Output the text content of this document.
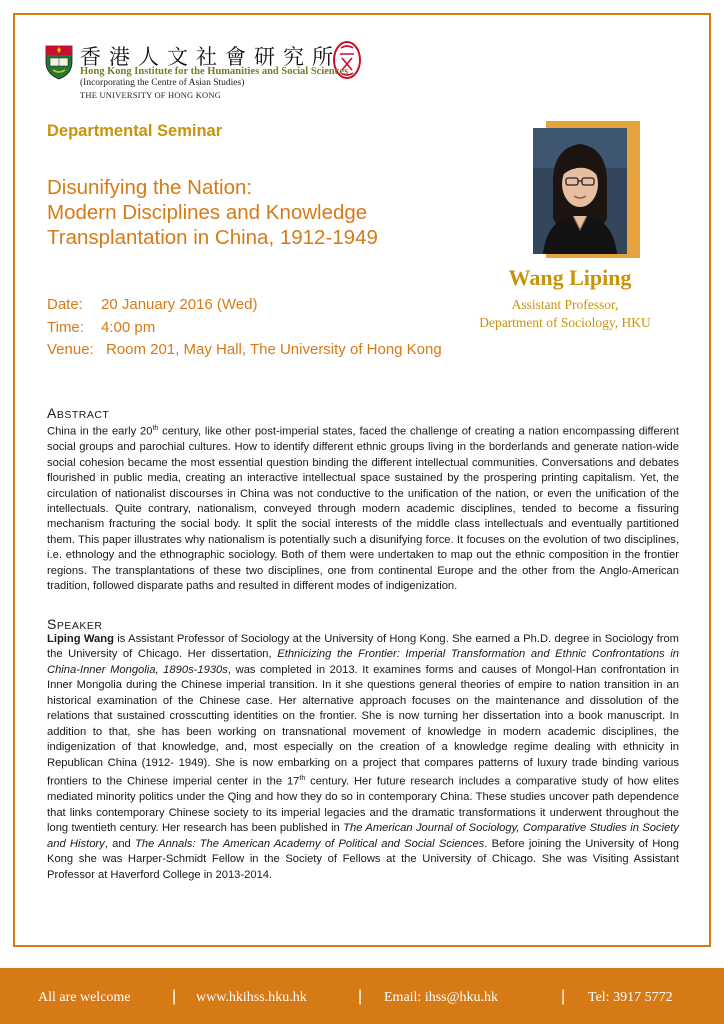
香港人文社會研究所
Hong Kong Institute for the Humanities and Social Sciences
(Incorporating the Centre of Asian Studies)
THE UNIVERSITY OF HONG KONG
Departmental Seminar
Disunifying the Nation:
Modern Disciplines and Knowledge
Transplantation in China, 1912-1949
Date:	20 January 2016 (Wed)
Time:	4:00 pm
Venue: Room 201, May Hall, The University of Hong Kong
Wang Liping
Assistant Professor,
Department of Sociology, HKU
ABSTRACT
China in the early 20th century, like other post-imperial states, faced the challenge of creating a nation encompassing different social groups and parochial cultures. How to identify different ethnic groups living in the borderlands and generate nation-wide social cohesion became the most essential question binding the different intellectual communities. Conversations and debates flourished in public media, creating an interactive intellectual space sustained by the prospering printing capitalism. Yet, the circulation of nationalist discourses in China was not conductive to the unification of the nation, or even the unification of the intellectuals. Quite contrary, nationalism, conveyed through modern academic disciplines, tended to become a fissuring mechanism fracturing the social body. It split the social interests of the middle class intellectuals and eventually partitioned them. This paper illustrates why nationalism is potentially such a disunifying force. It focuses on the evolution of two disciplines, i.e. ethnology and the ethnographic sociology. Both of them were undertaken to map out the ethnic composition in the frontier regions. The transplantations of these two disciplines, one from continental Europe and the other from the Anglo-American tradition, followed disparate paths and resulted in different modes of indigenization.
SPEAKER
Liping Wang is Assistant Professor of Sociology at the University of Hong Kong. She earned a Ph.D. degree in Sociology from the University of Chicago. Her dissertation, Ethnicizing the Frontier: Imperial Transformation and Ethnic Confrontations in China-Inner Mongolia, 1890s-1930s, was completed in 2013. It examines forms and causes of Mongol-Han confrontation in Inner Mongolia during the Chinese imperial transition. In it she questions general theories of empire to nation transition in an historical examination of the Chinese case. Her alternative approach focuses on the maintenance and dissolution of the relations that sustained crosscutting identities on the frontier. She is now turning her dissertation into a book manuscript. In addition to that, she has been working on transnational movement of knowledge in modern academic disciplines, the indigenization of that knowledge, and, most especially on the creation of a knowledge regime dealing with ethnicity in Republican China (1912- 1949). She is now embarking on a project that compares patterns of luxury trade binding various frontiers to the Chinese imperial center in the 17th century. Her future research includes a comparative study of how elites mediated minority politics under the Qing and how they do so in contemporary China. These studies uncover path dependence that links contemporary Chinese society to its imperial legacies and the dramatic transformations it underwent throughout the long twentieth century. Her research has been published in The American Journal of Sociology, Comparative Studies in Society and History, and The Annals: The American Academy of Political and Social Sciences. Before joining the University of Hong Kong she was Harper-Schmidt Fellow in the Society of Fellows at the University of Chicago. She was Visiting Assistant Professor at Haverford College in 2013-2014.
All are welcome	| www.hkihss.hku.hk	| Email: ihss@hku.hk	| Tel: 3917 5772
